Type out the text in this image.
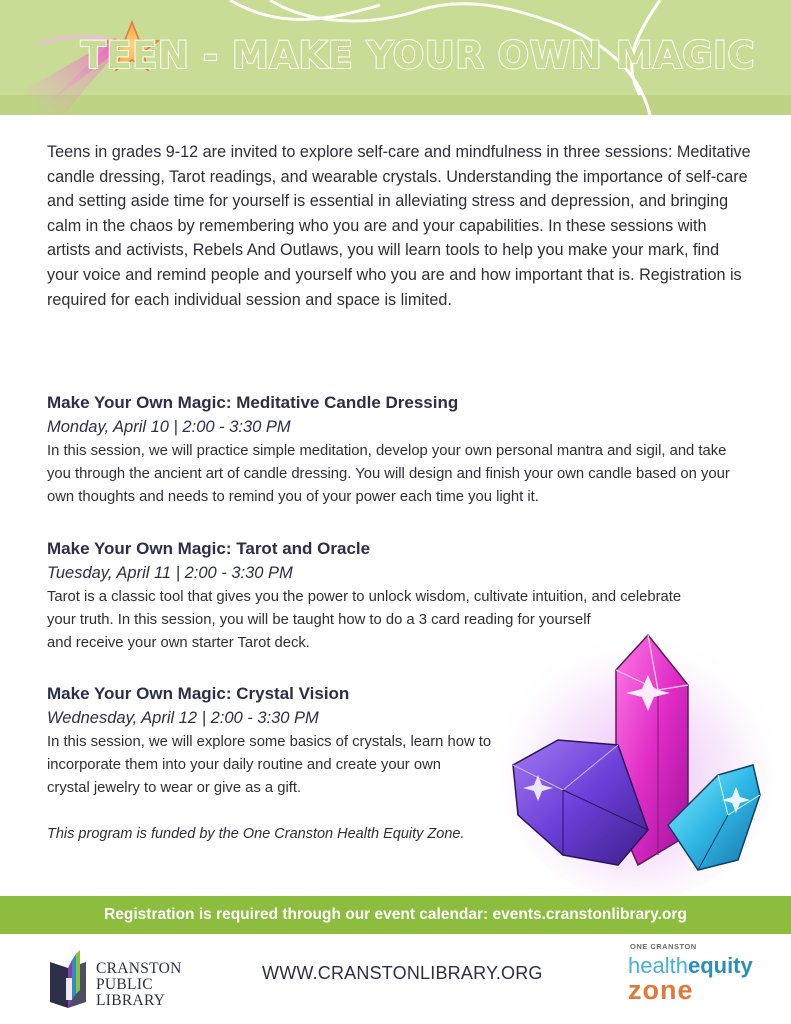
TEEN - MAKE YOUR OWN MAGIC
Teens in grades 9-12 are invited to explore self-care and mindfulness in three sessions: Meditative candle dressing, Tarot readings, and wearable crystals. Understanding the importance of self-care and setting aside time for yourself is essential in alleviating stress and depression, and bringing calm in the chaos by remembering who you are and your capabilities. In these sessions with artists and activists, Rebels And Outlaws, you will learn tools to help you make your mark, find your voice and remind people and yourself who you are and how important that is. Registration is required for each individual session and space is limited.
Make Your Own Magic: Meditative Candle Dressing
Monday, April 10 | 2:00 - 3:30 PM
In this session, we will practice simple meditation, develop your own personal mantra and sigil, and take you through the ancient art of candle dressing. You will design and finish your own candle based on your own thoughts and needs to remind you of your power each time you light it.
Make Your Own Magic: Tarot and Oracle
Tuesday, April 11 | 2:00 - 3:30 PM
Tarot is a classic tool that gives you the power to unlock wisdom, cultivate intuition, and celebrate
your truth. In this session, you will be taught how to do a 3 card reading for yourself
and receive your own starter Tarot deck.
Make Your Own Magic: Crystal Vision
Wednesday, April 12 | 2:00 - 3:30 PM
In this session, we will explore some basics of crystals, learn how to
incorporate them into your daily routine and create your own
crystal jewelry to wear or give as a gift.
This program is funded by the One Cranston Health Equity Zone.
Registration is required through our event calendar: events.cranstonlibrary.org
CRANSTON
PUBLIC
LIBRARY
WWW.CRANSTONLIBRARY.ORG
ONE CRANSTON
healthequity
zone
